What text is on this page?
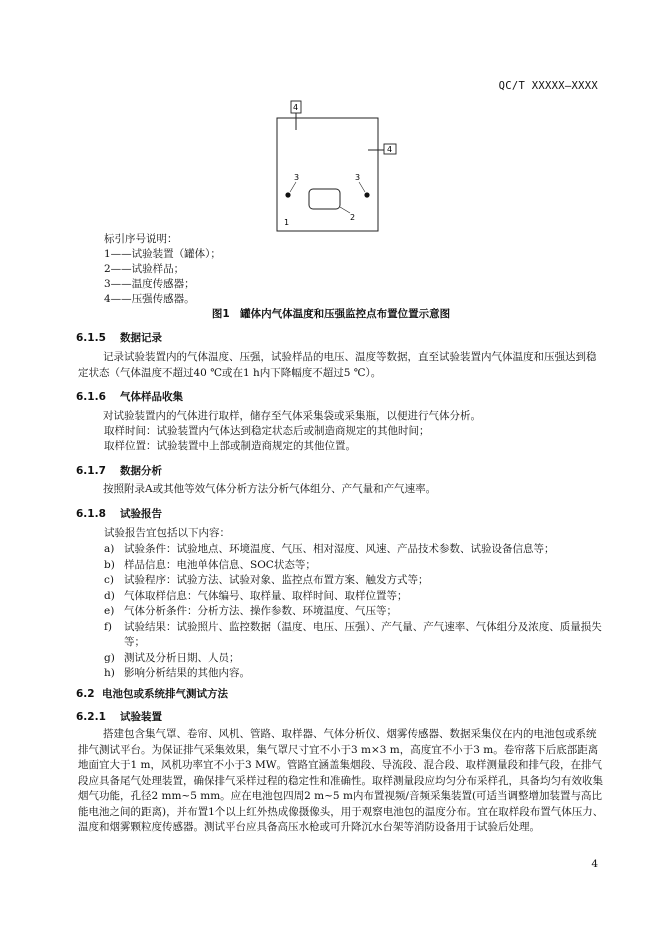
QC/T XXXXX—XXXX
4
4
3	3
2
1
标引序号说明：
1——试验装置（罐体）；
2——试验样品；
3——温度传感器；
4——压强传感器。
图1　罐体内气体温度和压强监控点布置位置示意图
6.1.5 数据记录
记录试验装置内的气体温度、压强，试验样品的电压、温度等数据，直至试验装置内气体温度和压强达到稳定状态（气体温度不超过40 ℃或在1 h内下降幅度不超过5 ℃）。
6.1.6 气体样品收集
对试验装置内的气体进行取样，储存至气体采集袋或采集瓶，以便进行气体分析。
取样时间：试验装置内气体达到稳定状态后或制造商规定的其他时间；
取样位置：试验装置中上部或制造商规定的其他位置。
6.1.7 数据分析
按照附录A或其他等效气体分析方法分析气体组分、产气量和产气速率。
6.1.8 试验报告
试验报告宜包括以下内容：
a) 试验条件：试验地点、环境温度、气压、相对湿度、风速、产品技术参数、试验设备信息等；
b) 样品信息：电池单体信息、SOC状态等；
c) 试验程序：试验方法、试验对象、监控点布置方案、触发方式等；
d) 气体取样信息：气体编号、取样量、取样时间、取样位置等；
e) 气体分析条件：分析方法、操作参数、环境温度、气压等；
f)	试验结果：试验照片、监控数据（温度、电压、压强）、产气量、产气速率、气体组分及浓度、质量损失等；
g) 测试及分析日期、人员；
h) 影响分析结果的其他内容。
6.2 电池包或系统排气测试方法
6.2.1 试验装置
搭建包含集气罩、卷帘、风机、管路、取样器、气体分析仪、烟雾传感器、数据采集仪在内的电池包或系统排气测试平台。为保证排气采集效果，集气罩尺寸宜不小于3 m×3 m，高度宜不小于3 m。卷帘落下后底部距离地面宜大于1 m，风机功率宜不小于3 MW。管路宜涵盖集烟段、导流段、混合段、取样测量段和排气段，在排气段应具备尾气处理装置，确保排气采样过程的稳定性和准确性。取样测量段应均匀分布采样孔，具备均匀有效收集烟气功能，孔径2 mm~5 mm。应在电池包四周2 m~5 m内布置视频/音频采集装置(可适当调整增加装置与高比能电池之间的距离)，并布置1个以上红外热成像摄像头，用于观察电池包的温度分布。宜在取样段布置气体压力、温度和烟雾颗粒度传感器。测试平台应具备高压水枪或可升降沉水台架等消防设备用于试验后处理。
4
